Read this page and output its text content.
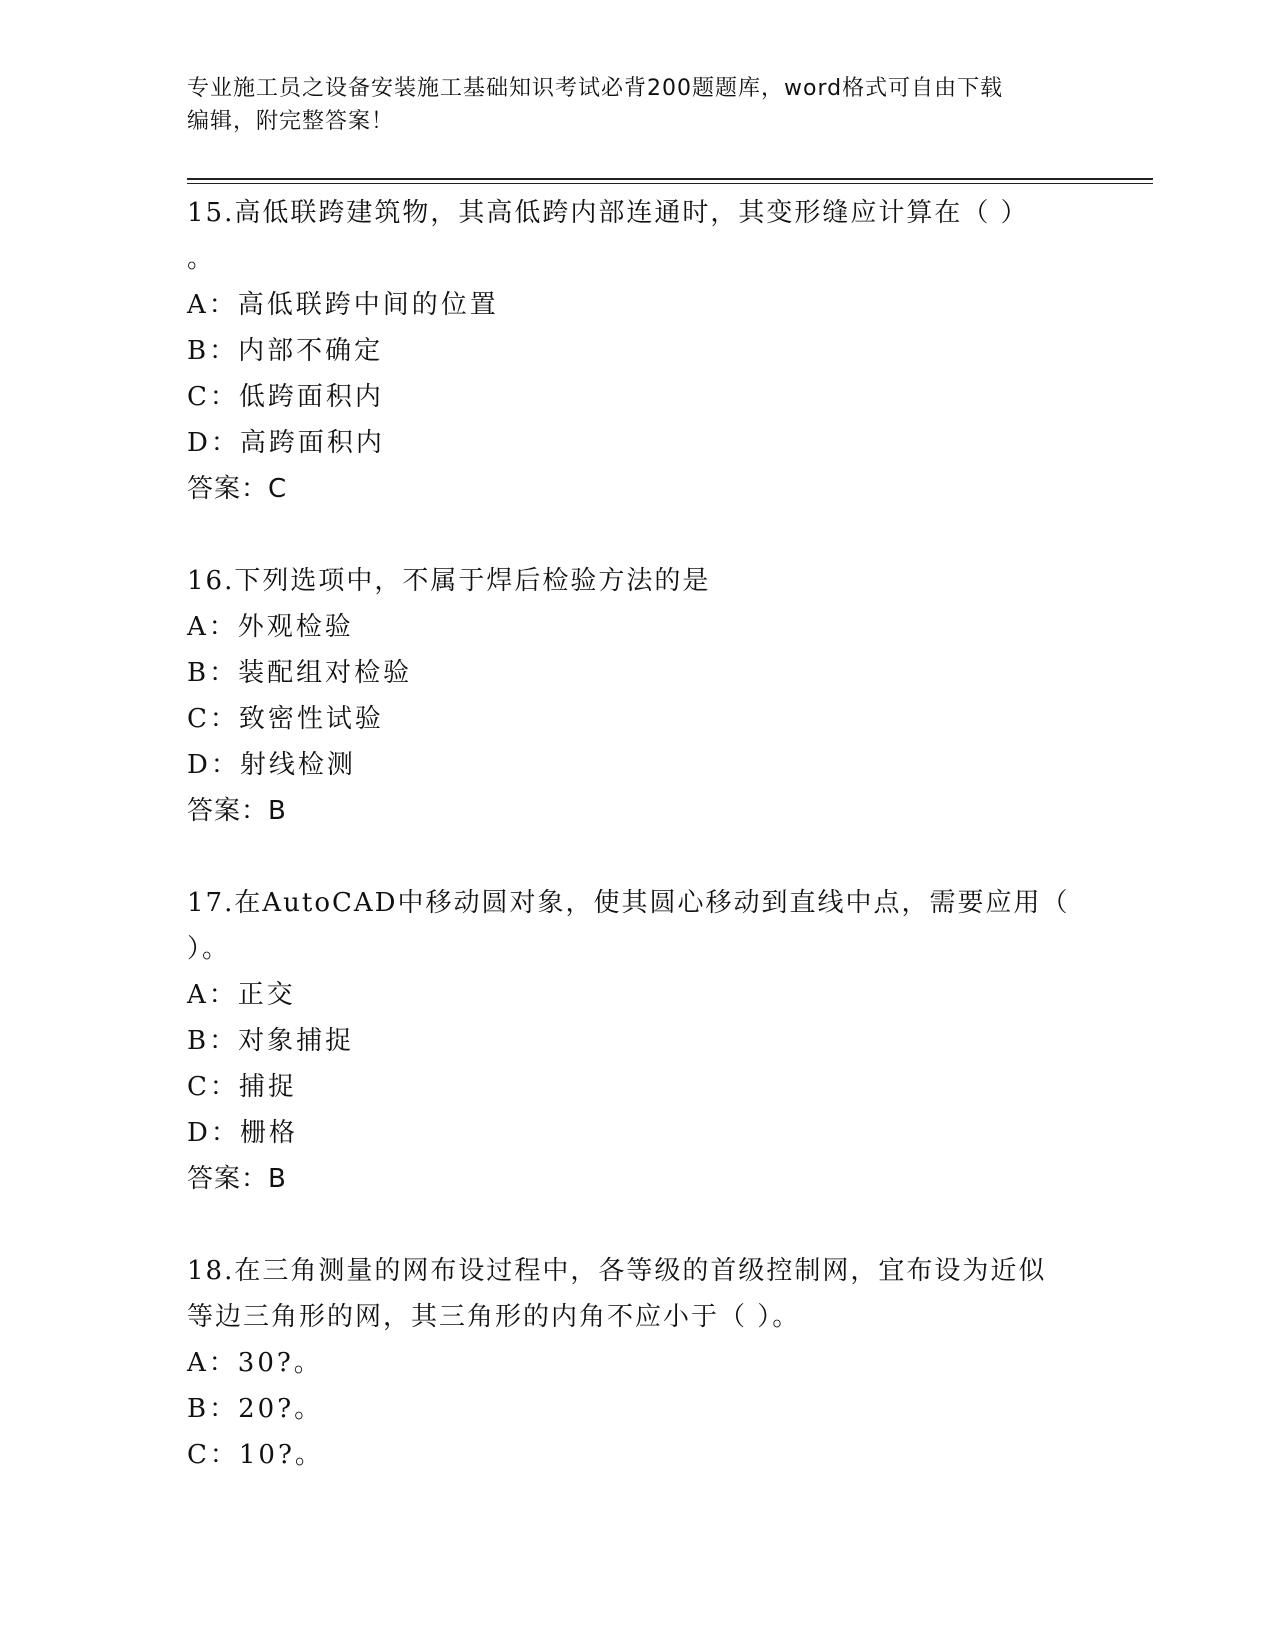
专业施工员之设备安装施工基础知识考试必背200题题库，word格式可自由下载
编辑，附完整答案！
15.高低联跨建筑物，其高低跨内部连通时，其变形缝应计算在（ ）
。
A：高低联跨中间的位置
B：内部不确定
C：低跨面积内
D：高跨面积内
答案：C
16.下列选项中，不属于焊后检验方法的是
A：外观检验
B：装配组对检验
C：致密性试验
D：射线检测
答案：B
17.在AutoCAD中移动圆对象，使其圆心移动到直线中点，需要应用（
）。
A：正交
B：对象捕捉
C：捕捉
D：栅格
答案：B
18.在三角测量的网布设过程中，各等级的首级控制网，宜布设为近似
等边三角形的网，其三角形的内角不应小于（ ）。
A：30?。
B：20?。
C：10?。
